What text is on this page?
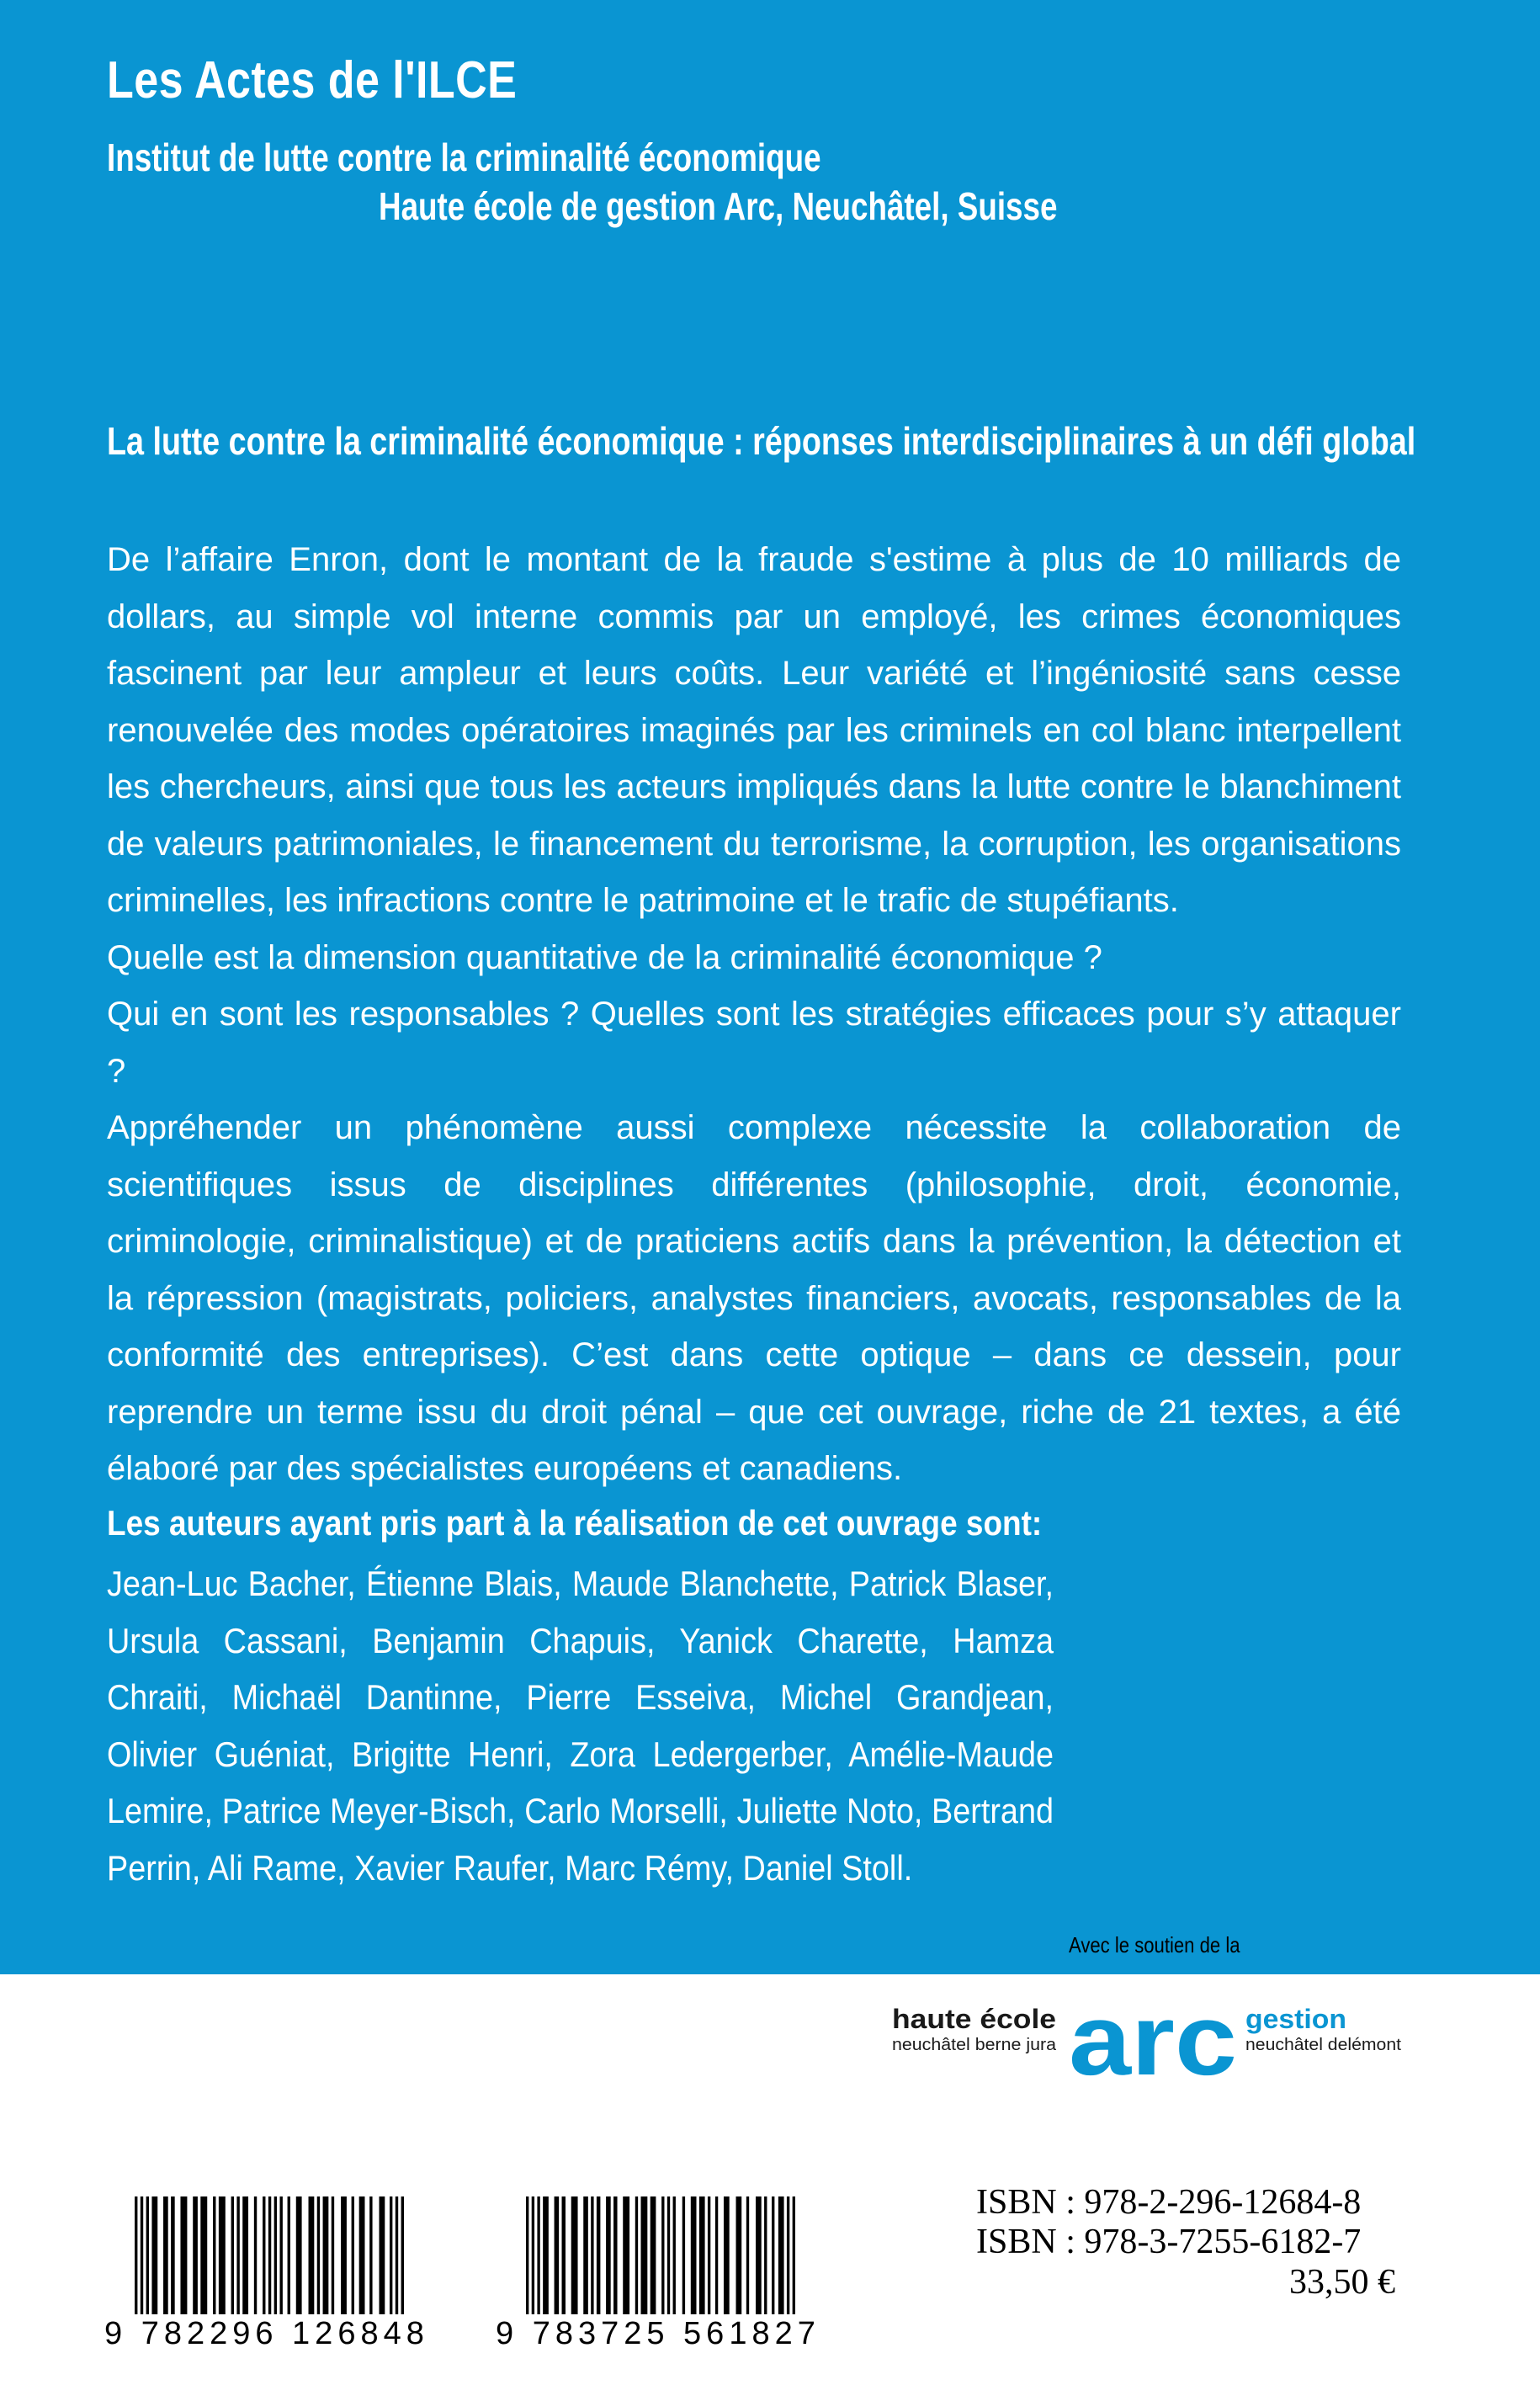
Les Actes de l'ILCE
Institut de lutte contre la criminalité économique
Haute école de gestion Arc, Neuchâtel, Suisse
La lutte contre la criminalité économique : réponses interdisciplinaires à un défi global

De l’affaire Enron, dont le montant de la fraude s'estime à plus de 10 milliards de dollars, au simple vol interne commis par un employé, les crimes économiques fascinent par leur ampleur et leurs coûts. Leur variété et l’ingéniosité sans cesse renouvelée des modes opératoires imaginés par les criminels en col blanc interpellent les chercheurs, ainsi que tous les acteurs impliqués dans la lutte contre le blanchiment de valeurs patrimoniales, le financement du terrorisme, la corruption, les organisations criminelles, les infractions contre le patrimoine et le trafic de stupéfiants.

Quelle est la dimension quantitative de la criminalité économique ?

Qui en sont les responsables ? Quelles sont les stratégies efficaces pour s’y attaquer ?

Appréhender un phénomène aussi complexe nécessite la collaboration de scientifiques issus de disciplines différentes (philosophie, droit, économie, criminologie, criminalistique) et de praticiens actifs dans la prévention, la détection et la répression (magistrats, policiers, analystes financiers, avocats, responsables de la conformité des entreprises). C’est dans cette optique – dans ce dessein, pour reprendre un terme issu du droit pénal – que cet ouvrage, riche de 21 textes, a été élaboré par des spécialistes européens et canadiens.

Les auteurs ayant pris part à la réalisation de cet ouvrage sont:
Jean-Luc Bacher, Étienne Blais, Maude Blanchette, Patrick Blaser, Ursula Cassani, Benjamin Chapuis, Yanick Charette, Hamza Chraiti, Michaël Dantinne, Pierre Esseiva, Michel Grandjean, Olivier Guéniat, Brigitte Henri, Zora Ledergerber, Amélie-Maude Lemire, Patrice Meyer-Bisch, Carlo Morselli, Juliette Noto, Bertrand Perrin, Ali Rame, Xavier Raufer, Marc Rémy, Daniel Stoll.
Avec le soutien de la
haute école
neuchâtel berne jura arc gestion
neuchâtel delémont
9 782296 126848 9 783725 561827
ISBN : 978-2-296-12684-8
ISBN : 978-3-7255-6182-7
33,50 €
